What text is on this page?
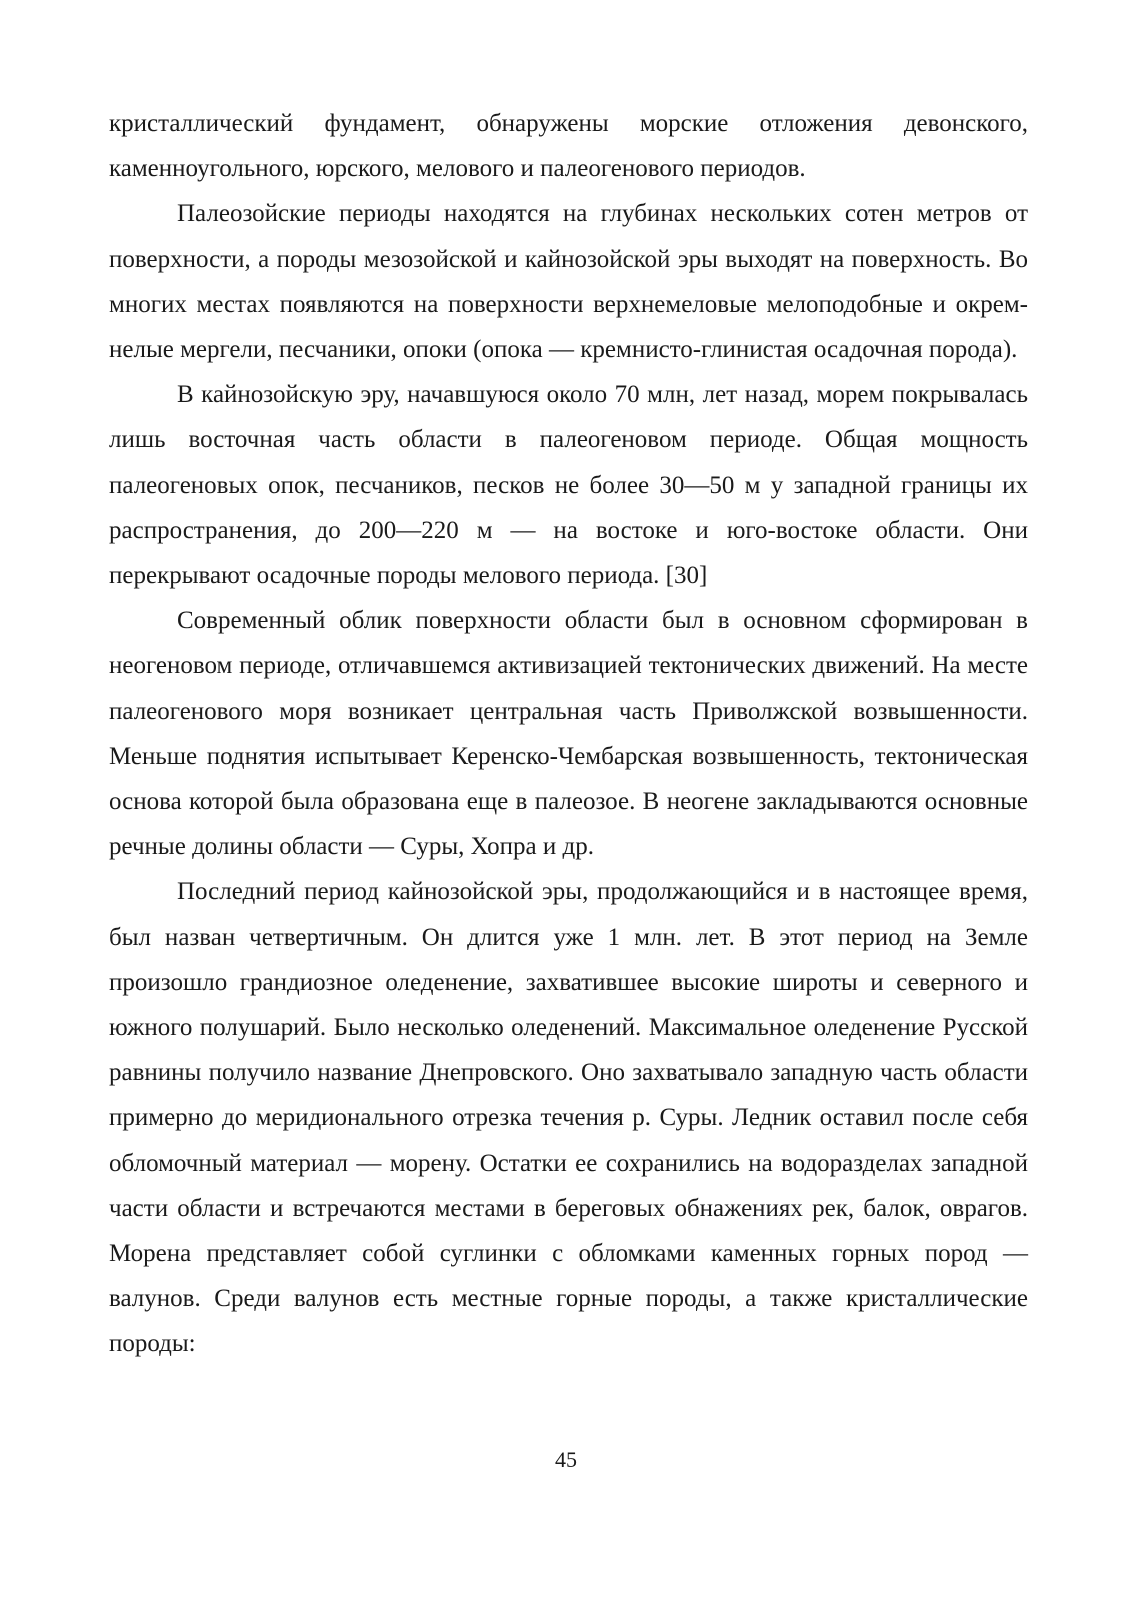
кристаллический фундамент, обнаружены морские отложения девонского, каменноугольного, юрского, мелового и палеогенового периодов.

Палеозойские периоды находятся на глубинах нескольких сотен метров от поверхности, а породы мезозойской и кайнозойской эры выходят на поверхность. Во многих местах появляются на поверхности верхнемеловые мелоподобные и окрем-нелые мергели, песчаники, опоки (опока — кремнисто-глинистая осадочная порода).

В кайнозойскую эру, начавшуюся около 70 млн, лет назад, морем покрывалась лишь восточная часть области в палеогеновом периоде. Общая мощность палеогеновых опок, песчаников, песков не более 30—50 м у западной границы их распространения, до 200—220 м — на востоке и юго-востоке области. Они перекрывают осадочные породы мелового периода. [30]

Современный облик поверхности области был в основном сформирован в неогеновом периоде, отличавшемся активизацией тектонических движений. На месте палеогенового моря возникает центральная часть Приволжской возвышенности. Меньше поднятия испытывает Керенско-Чембарская возвышенность, тектоническая основа которой была образована еще в палеозое. В неогене закладываются основные речные долины области — Суры, Хопра и др.

Последний период кайнозойской эры, продолжающийся и в настоящее время, был назван четвертичным. Он длится уже 1 млн. лет. В этот период на Земле произошло грандиозное оледенение, захватившее высокие широты и северного и южного полушарий. Было несколько оледенений. Максимальное оледенение Русской равнины получило название Днепровского. Оно захватывало западную часть области примерно до меридионального отрезка течения р. Суры. Ледник оставил после себя обломочный материал — морену. Остатки ее сохранились на водоразделах западной части области и встречаются местами в береговых обнажениях рек, балок, оврагов. Морена представляет собой суглинки с обломками каменных горных пород — валунов. Среди валунов есть местные горные породы, а также кристаллические породы:

45
